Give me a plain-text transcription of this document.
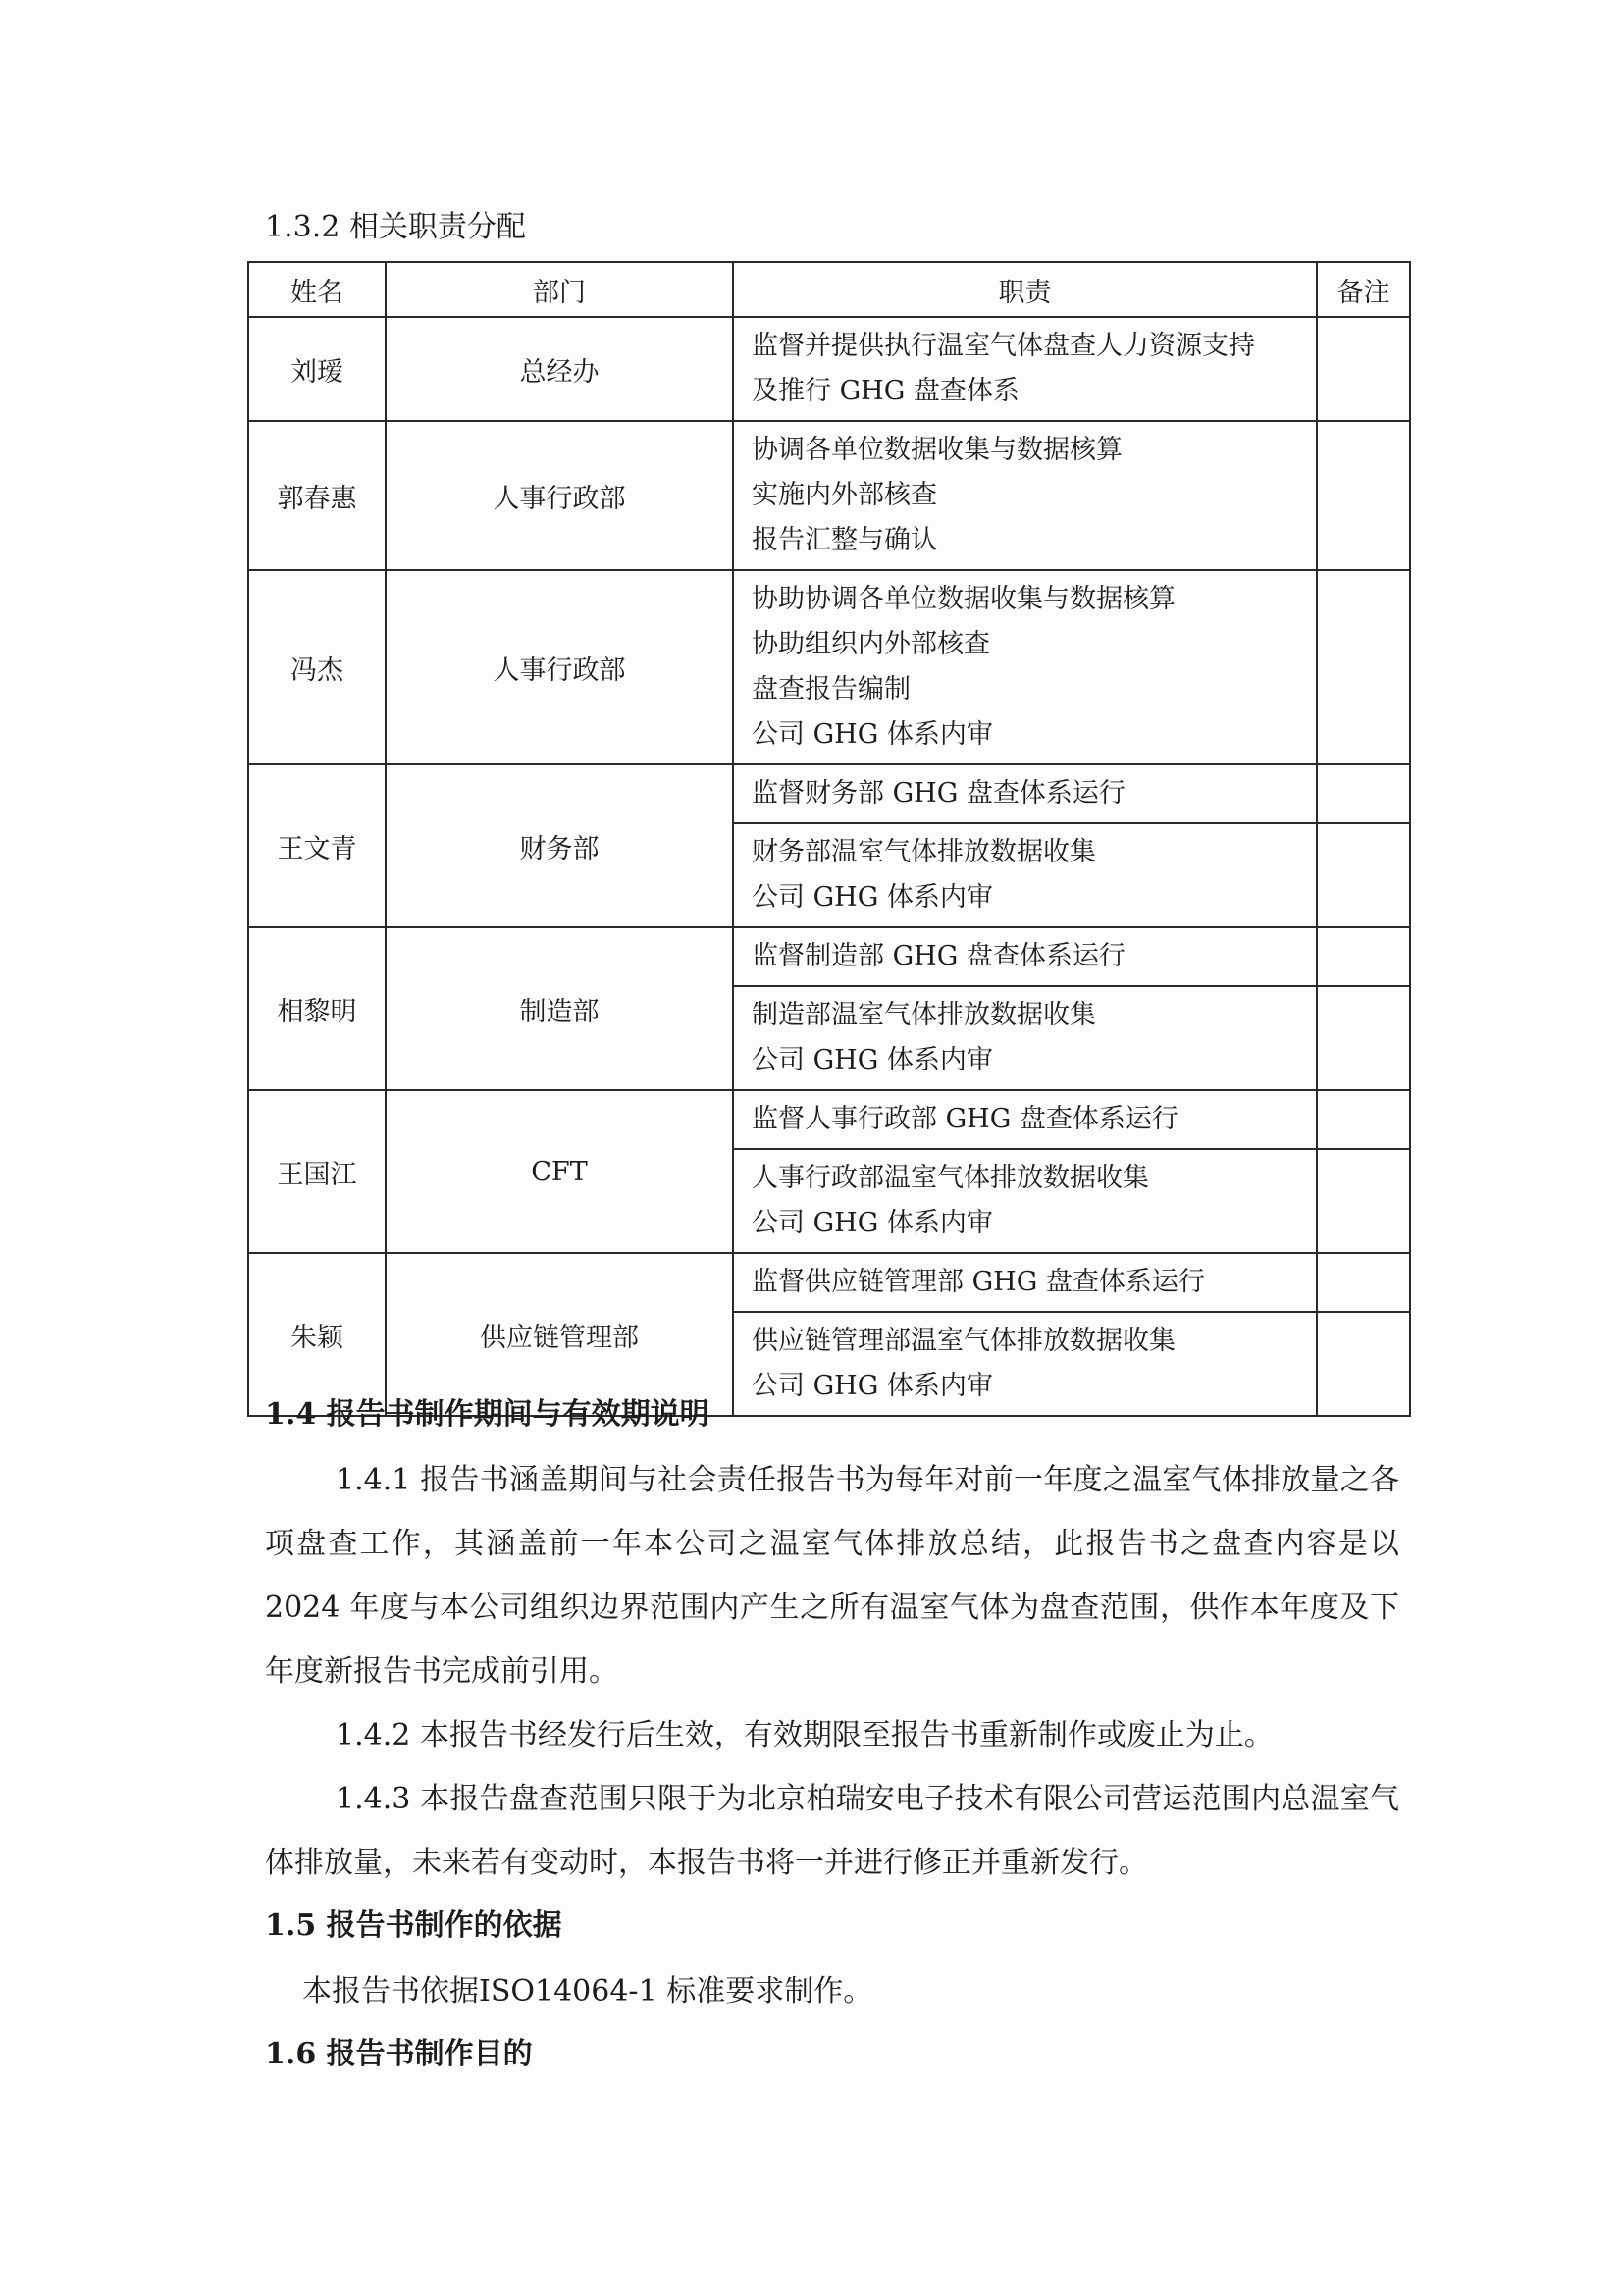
1.3.2 相关职责分配
姓名	部门	职责	备注
刘瑷	总经办	监督并提供执行温室气体盘查人力资源支持
及推行 GHG 盘查体系	

郭春惠	人事行政部	协调各单位数据收集与数据核算
实施内外部核查
报告汇整与确认	

冯杰	人事行政部	协助协调各单位数据收集与数据核算
协助组织内外部核查
盘查报告编制
公司 GHG 体系内审	

王文青	财务部	监督财务部 GHG 盘查体系运行	

		财务部温室气体排放数据收集
公司 GHG 体系内审	

相黎明	制造部	监督制造部 GHG 盘查体系运行	

		制造部温室气体排放数据收集
公司 GHG 体系内审	

王国江	CFT	监督人事行政部 GHG 盘查体系运行	

		人事行政部温室气体排放数据收集
公司 GHG 体系内审	

朱颖	供应链管理部	监督供应链管理部 GHG 盘查体系运行	

		供应链管理部温室气体排放数据收集
公司 GHG 体系内审	

1.4 报告书制作期间与有效期说明
1.4.1 报告书涵盖期间与社会责任报告书为每年对前一年度之温室气体排放量之各项盘查工作，其涵盖前一年本公司之温室气体排放总结，此报告书之盘查内容是以 2024 年度与本公司组织边界范围内产生之所有温室气体为盘查范围，供作本年度及下年度新报告书完成前引用。
1.4.2 本报告书经发行后生效，有效期限至报告书重新制作或废止为止。
1.4.3 本报告盘查范围只限于为北京柏瑞安电子技术有限公司营运范围内总温室气体排放量，未来若有变动时，本报告书将一并进行修正并重新发行。
1.5 报告书制作的依据
本报告书依据ISO14064-1 标准要求制作。
1.6 报告书制作目的
